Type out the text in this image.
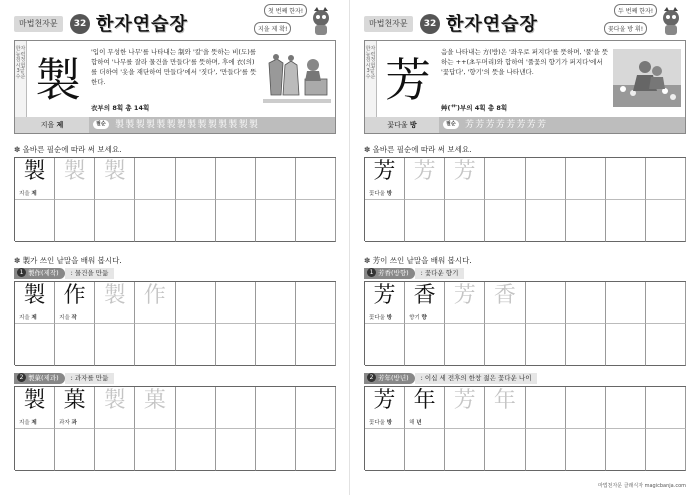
마법천자문	32 한자연습장
첫 번째 한자!
지을 제 확!
한자 능력 검정시험 3급 수준 製
'입이 무성한 나무'를 나타내는 制와 '칼'을 뜻하는 비(도)를 합하여 '나무를 잘라 물건을 만들다'를 뜻하며, 후에 衣(의)를 더하여 '옷을 재단하여 만들다'에서 '짓다', '만들다'를 뜻한다.
衣부의 8획 총 14획
지을 제	필순	製製製製製製製製製製製製製製
✽ 올바른 필순에 따라 써 보세요.
製
지을 제
製 製
✽ 製가 쓰인 낱말을 배워 봅시다.
1 製作(제작): 물건을 만듦
製
지을 제
作
지을 작
製 作
2 製菓(제과): 과자를 만듦
製
지을 제
菓
과자 과
製 菓
마법천자문	32 한자연습장
두 번째 한자!
꽃다울 방 휘!
한자 능력 검정시험 3급 수준 芳
음을 나타내는 方(방)은 '좌우로 퍼지다'를 뜻하며, '풀'을 뜻하는 ++(초두머리)와 합하여 '풀꽃의 향기가 퍼지다'에서 '꽃답다', '향기'의 뜻을 나타낸다.
艸(艹)부의 4획 총 8획
꽃다울 방	필순	芳芳芳芳芳芳芳芳
✽ 올바른 필순에 따라 써 보세요.
芳
꽃다울 방
芳 芳
✽ 芳이 쓰인 낱말을 배워 봅시다.
1 芳香(방향): 꽃다운 향기
芳
꽃다울 방
香
향기 향
芳 香
2 芳年(방년): 이십 세 전후의 한창 젊은 꽃다운 나이
芳
꽃다울 방
年
해 년
芳 年
마법천자문 클래식자 magicbanja.com
